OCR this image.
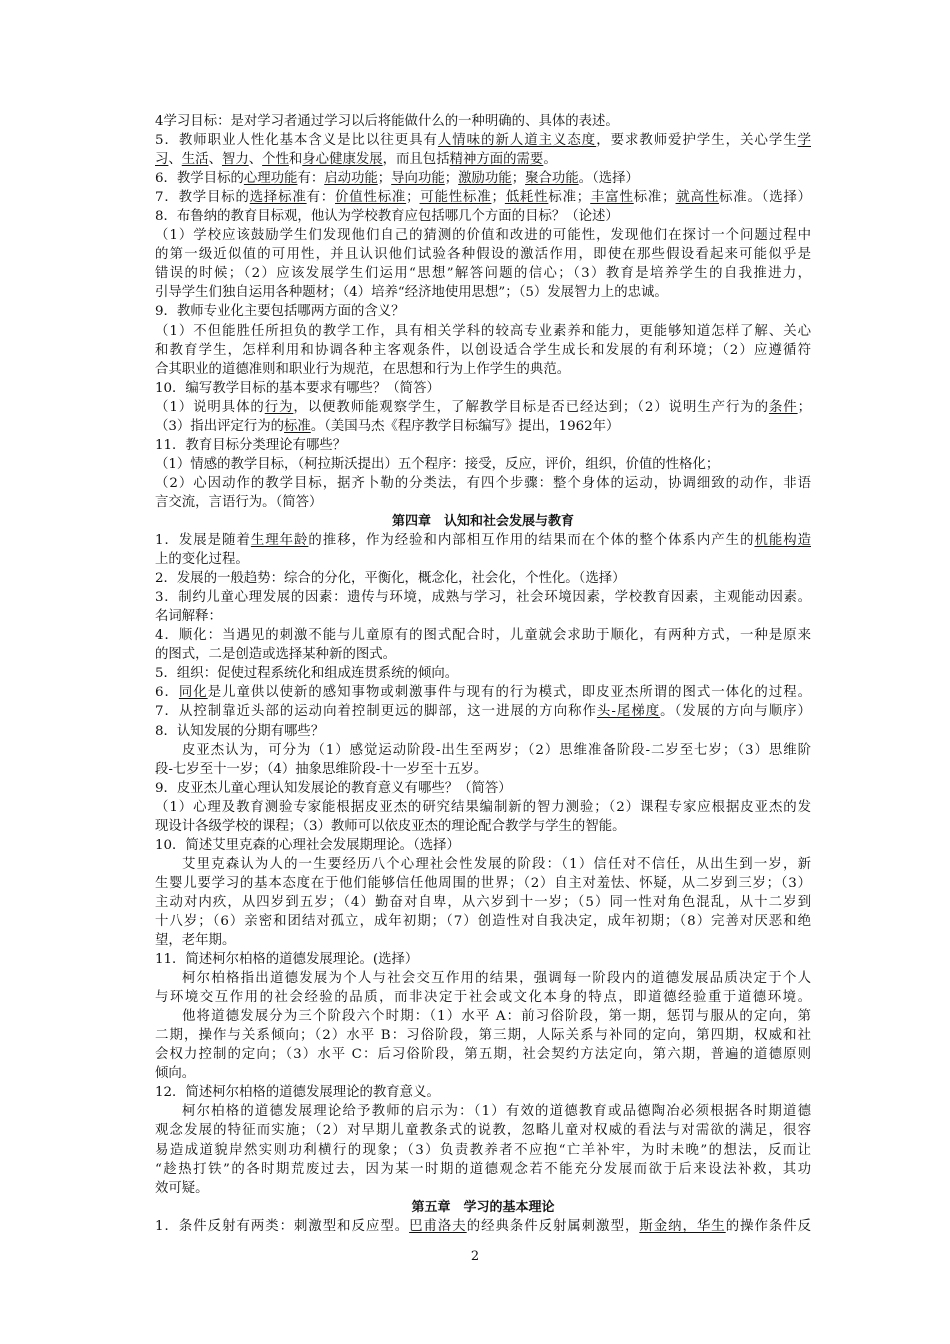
4学习目标：是对学习者通过学习以后将能做什么的一种明确的、具体的表述。
5．教师职业人性化基本含义是比以往更具有人情味的新人道主义态度，要求教师爱护学生，关心学生学
习、生活、智力、个性和身心健康发展，而且包括精神方面的需要。
6．教学目标的心理功能有：启动功能；导向功能；激励功能；聚合功能。（选择）
7．教学目标的选择标准有：价值性标准；可能性标准；低耗性标准；丰富性标准；就高性标准。（选择）
8．布鲁纳的教育目标观，他认为学校教育应包括哪几个方面的目标？（论述）
（1）学校应该鼓励学生们发现他们自己的猜测的价值和改进的可能性，发现他们在探讨一个问题过程中
的第一级近似值的可用性，并且认识他们试验各种假设的激活作用，即使在那些假设看起来可能似乎是
错误的时候；（2）应该发展学生们运用“思想”解答问题的信心；（3）教育是培养学生的自我推进力，
引导学生们独自运用各种题材；（4）培养“经济地使用思想”；（5）发展智力上的忠诚。
9．教师专业化主要包括哪两方面的含义？
（1）不但能胜任所担负的教学工作，具有相关学科的较高专业素养和能力，更能够知道怎样了解、关心
和教育学生，怎样利用和协调各种主客观条件，以创设适合学生成长和发展的有利环境；（2）应遵循符
合其职业的道德准则和职业行为规范，在思想和行为上作学生的典范。
10．编写教学目标的基本要求有哪些？（简答）
（1）说明具体的行为，以便教师能观察学生，了解教学目标是否已经达到；（2）说明生产行为的条件；
（3）指出评定行为的标准。（美国马杰《程序教学目标编写》提出，1962年）
11．教育目标分类理论有哪些？
（1）情感的教学目标，（柯拉斯沃提出）五个程序：接受，反应，评价，组织，价值的性格化；
（2）心因动作的教学目标，据齐卜勒的分类法，有四个步骤：整个身体的运动，协调细致的动作，非语
言交流，言语行为。（简答）
第四章　认知和社会发展与教育
1．发展是随着生理年龄的推移，作为经验和内部相互作用的结果而在个体的整个体系内产生的机能构造
上的变化过程。
2．发展的一般趋势：综合的分化，平衡化，概念化，社会化，个性化。（选择）
3．制约儿童心理发展的因素：遗传与环境，成熟与学习，社会环境因素，学校教育因素，主观能动因素。
名词解释：
4．顺化：当遇见的刺激不能与儿童原有的图式配合时，儿童就会求助于顺化，有两种方式，一种是原来
的图式，二是创造或选择某种新的图式。
5．组织：促使过程系统化和组成连贯系统的倾向。
6．同化是儿童供以使新的感知事物或刺激事件与现有的行为模式，即皮亚杰所谓的图式一体化的过程。
7．从控制靠近头部的运动向着控制更远的脚部，这一进展的方向称作头-尾梯度。（发展的方向与顺序）
8．认知发展的分期有哪些？
皮亚杰认为，可分为（1）感觉运动阶段-出生至两岁；（2）思维准备阶段-二岁至七岁；（3）思维阶
段-七岁至十一岁；（4）抽象思维阶段-十一岁至十五岁。
9．皮亚杰儿童心理认知发展论的教育意义有哪些？（简答）
（1）心理及教育测验专家能根据皮亚杰的研究结果编制新的智力测验；（2）课程专家应根据皮亚杰的发
现设计各级学校的课程；（3）教师可以依皮亚杰的理论配合教学与学生的智能。
10．简述艾里克森的心理社会发展期理论。（选择）
艾里克森认为人的一生要经历八个心理社会性发展的阶段：（1）信任对不信任，从出生到一岁，新
生婴儿要学习的基本态度在于他们能够信任他周围的世界；（2）自主对羞怯、怀疑，从二岁到三岁；（3）
主动对内疚，从四岁到五岁；（4）勤奋对自卑，从六岁到十一岁；（5）同一性对角色混乱，从十二岁到
十八岁；（6）亲密和团结对孤立，成年初期；（7）创造性对自我决定，成年初期；（8）完善对厌恶和绝
望，老年期。
11．简述柯尔柏格的道德发展理论。(选择）
柯尔柏格指出道德发展为个人与社会交互作用的结果，强调每一阶段内的道德发展品质决定于个人
与环境交互作用的社会经验的品质，而非决定于社会或文化本身的特点，即道德经验重于道德环境。
他将道德发展分为三个阶段六个时期：（1）水平 A：前习俗阶段，第一期，惩罚与服从的定向，第
二期，操作与关系倾向；（2）水平 B：习俗阶段，第三期，人际关系与补同的定向，第四期，权威和社
会权力控制的定向；（3）水平 C：后习俗阶段，第五期，社会契约方法定向，第六期，普遍的道德原则
倾向。
12．简述柯尔柏格的道德发展理论的教育意义。
柯尔柏格的道德发展理论给予教师的启示为：（1）有效的道德教育或品德陶冶必须根据各时期道德
观念发展的特征而实施；（2）对早期儿童教条式的说教，忽略儿童对权威的看法与对需欲的满足，很容
易造成道貌岸然实则功利横行的现象；（3）负责教养者不应抱“亡羊补牢，为时未晚”的想法，反而让
“趁热打铁”的各时期荒废过去，因为某一时期的道德观念若不能充分发展而欲于后来设法补救，其功
效可疑。
第五章　学习的基本理论
1．条件反射有两类：刺激型和反应型。巴甫洛夫的经典条件反射属刺激型，斯金纳，华生的操作条件反
2
